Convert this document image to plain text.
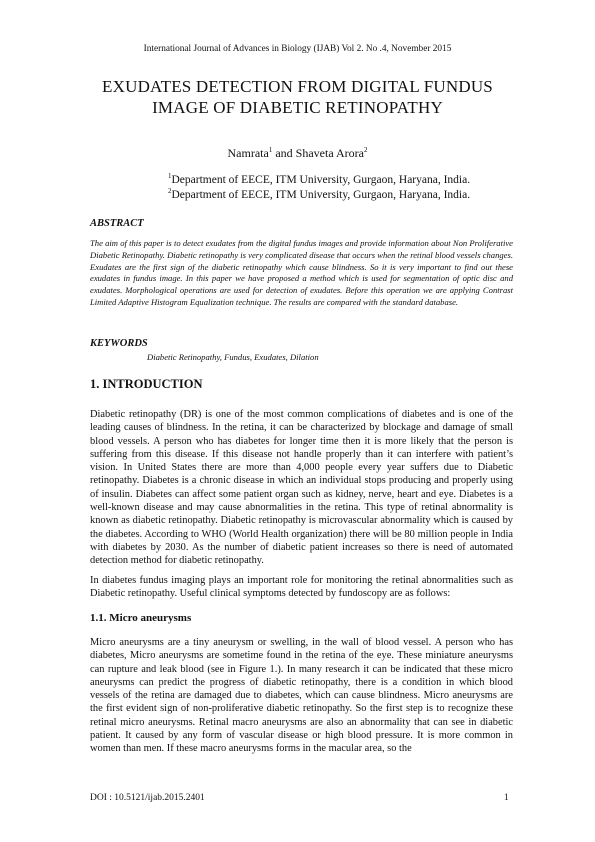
International Journal of Advances in Biology (IJAB) Vol 2. No .4, November 2015
EXUDATES DETECTION FROM DIGITAL FUNDUS
IMAGE OF DIABETIC RETINOPATHY
Namrata$^1$ and Shaveta Arora$^2$
$^1$Department of EECE, ITM University, Gurgaon, Haryana, India.
$^2$Department of EECE, ITM University, Gurgaon, Haryana, India.
ABSTRACT
The aim of this paper is to detect exudates from the digital fundus images and provide information about Non Proliferative Diabetic Retinopathy. Diabetic retinopathy is very complicated disease that occurs when the retinal blood vessels changes. Exudates are the first sign of the diabetic retinopathy which cause blindness. So it is very important to find out these exudates in fundus image. In this paper we have proposed a method which is used for segmentation of optic disc and exudates. Morphological operations are used for detection of exudates. Before this operation we are applying Contrast Limited Adaptive Histogram Equalization technique. The results are compared with the standard database.
KEYWORDS
Diabetic Retinopathy, Fundus, Exudates, Dilation
1. INTRODUCTION
Diabetic retinopathy (DR) is one of the most common complications of diabetes and is one of the leading causes of blindness. In the retina, it can be characterized by blockage and damage of small blood vessels. A person who has diabetes for longer time then it is more likely that the person is suffering from this disease. If this disease not handle properly than it can interfere with patient’s vision. In United States there are more than 4,000 people every year suffers due to Diabetic retinopathy. Diabetes is a chronic disease in which an individual stops producing and properly using of insulin. Diabetes can affect some patient organ such as kidney, nerve, heart and eye. Diabetes is a well-known disease and may cause abnormalities in the retina. This type of retinal abnormality is known as diabetic retinopathy. Diabetic retinopathy is microvascular abnormality which is caused by the diabetes. According to WHO (World Health organization) there will be 80 million people in India with diabetes by 2030. As the number of diabetic patient increases so there is need of automated detection method for diabetic retinopathy.
In diabetes fundus imaging plays an important role for monitoring the retinal abnormalities such as Diabetic retinopathy. Useful clinical symptoms detected by fundoscopy are as follows:
1.1. Micro aneurysms
Micro aneurysms are a tiny aneurysm or swelling, in the wall of blood vessel. A person who has diabetes, Micro aneurysms are sometime found in the retina of the eye. These miniature aneurysms can rupture and leak blood (see in Figure 1.). In many research it can be indicated that these micro aneurysms can predict the progress of diabetic retinopathy, there is a condition in which blood vessels of the retina are damaged due to diabetes, which can cause blindness. Micro aneurysms are the first evident sign of non-proliferative diabetic retinopathy. So the first step is to recognize these retinal micro aneurysms. Retinal macro aneurysms are also an abnormality that can see in diabetic patient. It caused by any form of vascular disease or high blood pressure. It is more common in women than men. If these macro aneurysms forms in the macular area, so the
DOI : 10.5121/ijab.2015.2401	1
